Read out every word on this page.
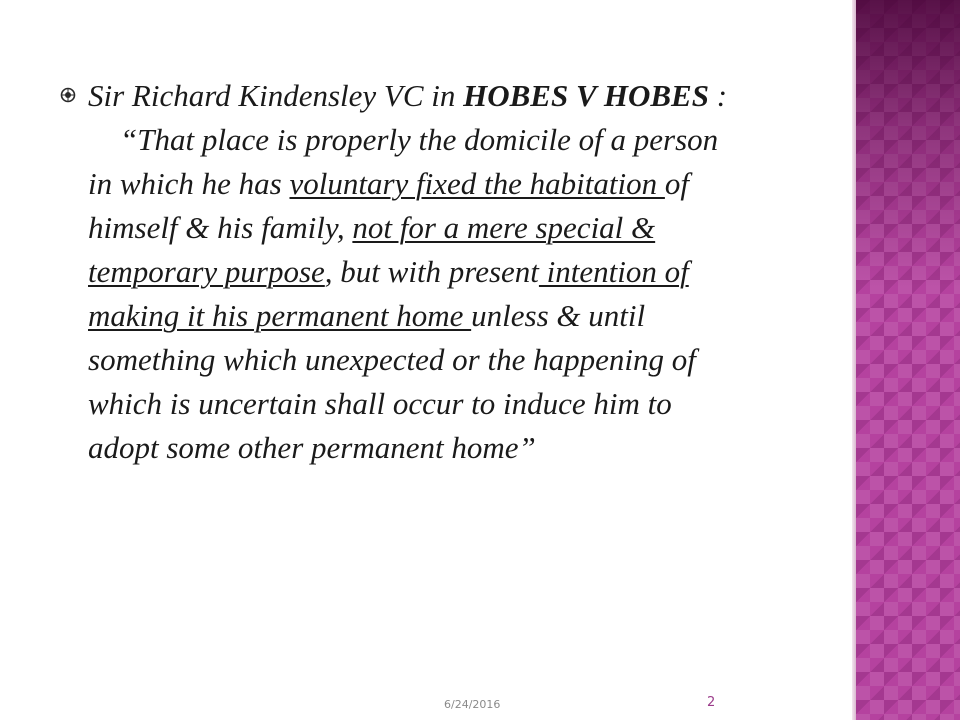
Sir Richard Kindensley VC in HOBES V HOBES :
“That place is properly the domicile of a person in which he has voluntary fixed the habitation of himself & his family, not for a mere special & temporary purpose, but with present intention of making it his permanent home unless & until something which unexpected or the happening of which is uncertain shall occur to induce him to adopt some other permanent home”
6/24/2016	2
